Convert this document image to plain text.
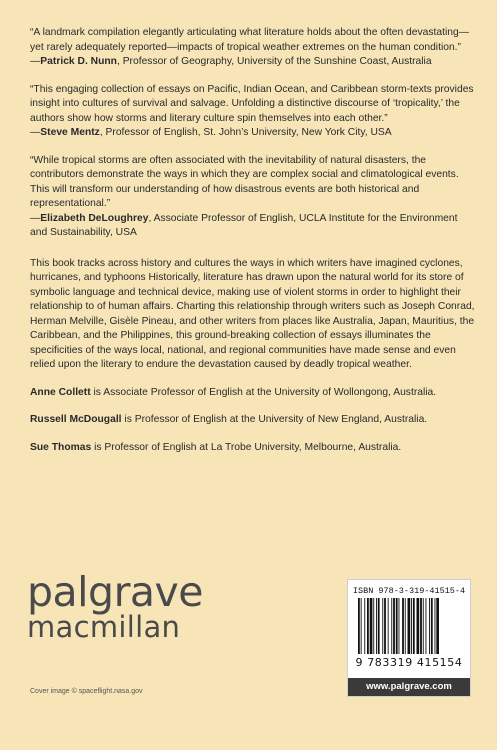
“A landmark compilation elegantly articulating what literature holds about the often devastating—yet rarely adequately reported—impacts of tropical weather extremes on the human condition.”

—Patrick D. Nunn, Professor of Geography, University of the Sunshine Coast, Australia

“This engaging collection of essays on Pacific, Indian Ocean, and Caribbean storm-texts provides insight into cultures of survival and salvage. Unfolding a distinctive discourse of ‘tropicality,’ the authors show how storms and literary culture spin themselves into each other.”

—Steve Mentz, Professor of English, St. John’s University, New York City, USA

“While tropical storms are often associated with the inevitability of natural disasters, the contributors demonstrate the ways in which they are complex social and climatological events. This will transform our understanding of how disastrous events are both historical and representational.”

—Elizabeth DeLoughrey, Associate Professor of English, UCLA Institute for the Environment and Sustainability, USA

This book tracks across history and cultures the ways in which writers have imagined cyclones, hurricanes, and typhoons Historically, literature has drawn upon the natural world for its store of symbolic language and technical device, making use of violent storms in order to highlight their relationship to of human affairs. Charting this relationship through writers such as Joseph Conrad, Herman Melville, Gisèle Pineau, and other writers from places like Australia, Japan, Mauritius, the Caribbean, and the Philippines, this ground-breaking collection of essays illuminates the specificities of the ways local, national, and regional communities have made sense and even relied upon the literary to endure the devastation caused by deadly tropical weather.

Anne Collett is Associate Professor of English at the University of Wollongong, Australia.

Russell McDougall is Professor of English at the University of New England, Australia.

Sue Thomas is Professor of English at La Trobe University, Melbourne, Australia.

palgrave
macmillan
Cover image © spaceflight.nasa.gov
ISBN 978-3-319-41515-4
9 783319 415154
www.palgrave.com
